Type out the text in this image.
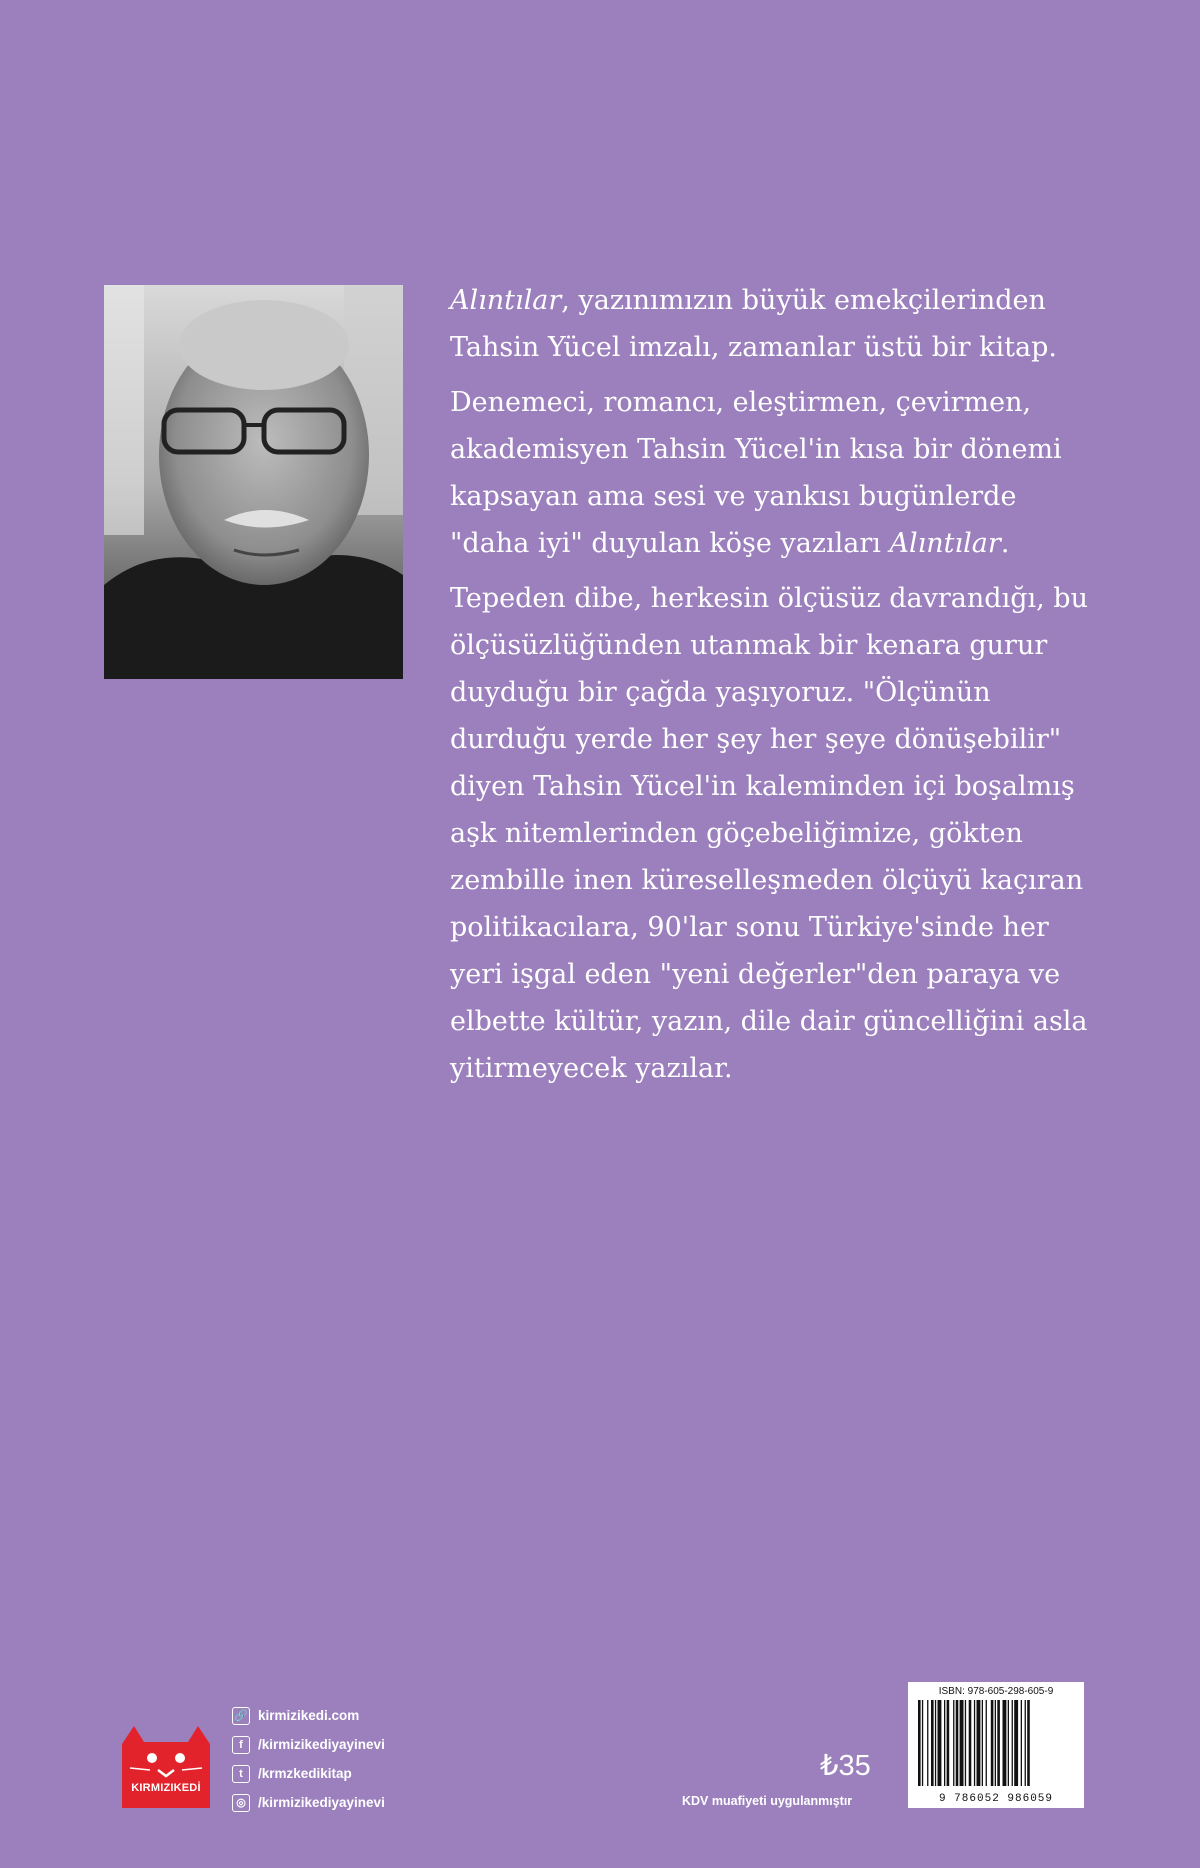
Alıntılar, yazınımızın büyük emekçilerinden Tahsin Yücel imzalı, zamanlar üstü bir kitap.

Denemeci, romancı, eleştirmen, çevirmen, akademisyen Tahsin Yücel'in kısa bir dönemi kapsayan ama sesi ve yankısı bugünlerde "daha iyi" duyulan köşe yazıları Alıntılar.

Tepeden dibe, herkesin ölçüsüz davrandığı, bu ölçüsüzlüğünden utanmak bir kenara gurur duyduğu bir çağda yaşıyoruz. "Ölçünün durduğu yerde her şey her şeye dönüşebilir" diyen Tahsin Yücel'in kaleminden içi boşalmış aşk nitemlerinden göçebeliğimize, gökten zembille inen küreselleşmeden ölçüyü kaçıran politikacılara, 90'lar sonu Türkiye'sinde her yeri işgal eden "yeni değerler"den paraya ve elbette kültür, yazın, dile dair güncelliğini asla yitirmeyecek yazılar.

KIRMIZIKEDİ
🔗 kirmizikedi.com
f	/kirmizikediyayinevi
t	/krmzkedikitap
◎ /kirmizikediyayinevi
₺35
KDV muafiyeti uygulanmıştır
ISBN: 978-605-298-605-9
9 786052 986059
